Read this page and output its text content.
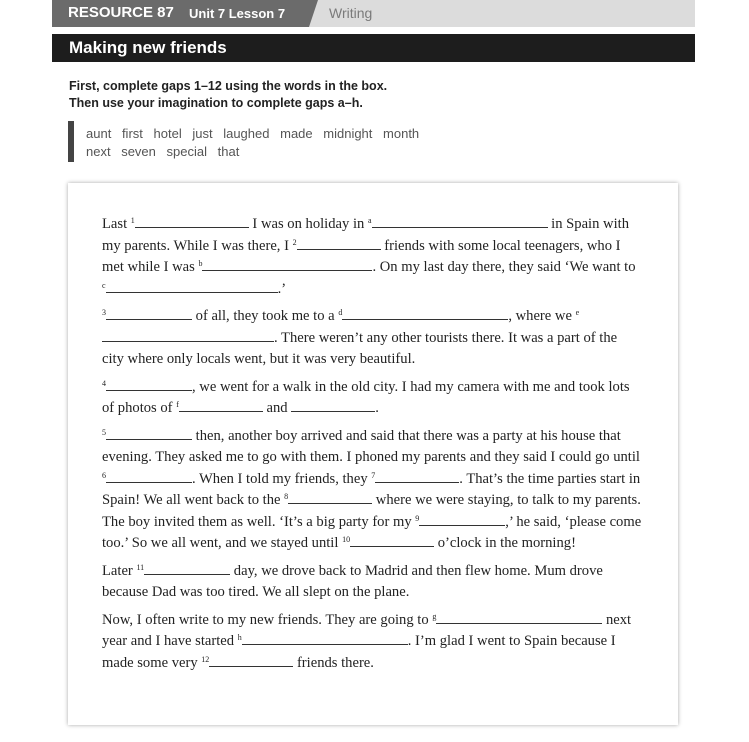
RESOURCE 87 Unit 7 Lesson 7	Writing
Making new friends
First, complete gaps 1–12 using the words in the box.
Then use your imagination to complete gaps a–h.
aunt first hotel just laughed made midnight month
next seven special that

Last $^1$	I was on holiday in $^a$	in Spain with my parents. While I was there, I $^2$	friends with some local teenagers, who I met while I was $^b$	. On my last day there, they said ‘We want to $^c$	.’

$^3$	of all, they took me to a $^d$	, where we $^e$. There weren’t any other tourists there. It was a part of the city where only locals went, but it was very beautiful.

$^4$	, we went for a walk in the old city. I had my camera with me and took lots of photos of $^f$	and	.

$^5$	then, another boy arrived and said that there was a party at his house that evening. They asked me to go with them. I phoned my parents and they said I could go until $^6$	. When I told my friends, they $^7$	. That’s the time parties start in Spain! We all went back to the $^8$	where we were staying, to talk to my parents. The boy invited them as well. ‘It’s a big party for my $^9$	,’ he said, ‘please come too.’ So we all went, and we stayed until $^{10}$	o’clock in the morning!

Later $^{11}$	day, we drove back to Madrid and then flew home. Mum drove because Dad was too tired. We all slept on the plane.

Now, I often write to my new friends. They are going to $^g$	next year and I have started $^h$	. I’m glad I went to Spain because I made some very $^{12}$	friends there.
